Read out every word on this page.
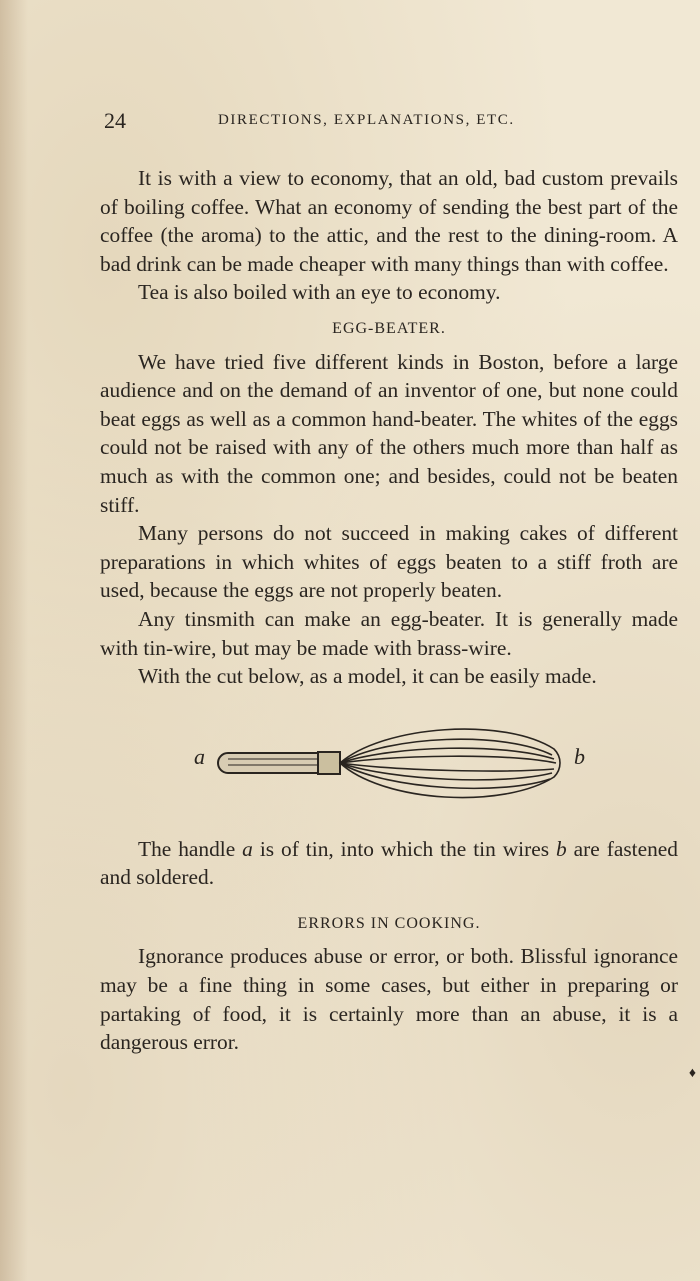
24	DIRECTIONS, EXPLANATIONS, ETC.

It is with a view to economy, that an old, bad custom prevails of boiling coffee. What an economy of sending the best part of the coffee (the aroma) to the attic, and the rest to the dining-room. A bad drink can be made cheaper with many things than with coffee.

Tea is also boiled with an eye to economy.

EGG-BEATER.

We have tried five different kinds in Boston, before a large audience and on the demand of an inventor of one, but none could beat eggs as well as a common hand-beater. The whites of the eggs could not be raised with any of the others much more than half as much as with the common one; and besides, could not be beaten stiff.

Many persons do not succeed in making cakes of different preparations in which whites of eggs beaten to a stiff froth are used, because the eggs are not properly beaten.

Any tinsmith can make an egg-beater. It is generally made with tin-wire, but may be made with brass-wire.

With the cut below, as a model, it can be easily made.

a	b

The handle a is of tin, into which the tin wires b are fastened and soldered.

ERRORS IN COOKING.

Ignorance produces abuse or error, or both. Blissful ignorance may be a fine thing in some cases, but either in preparing or partaking of food, it is certainly more than an abuse, it is a dangerous error.

♦
